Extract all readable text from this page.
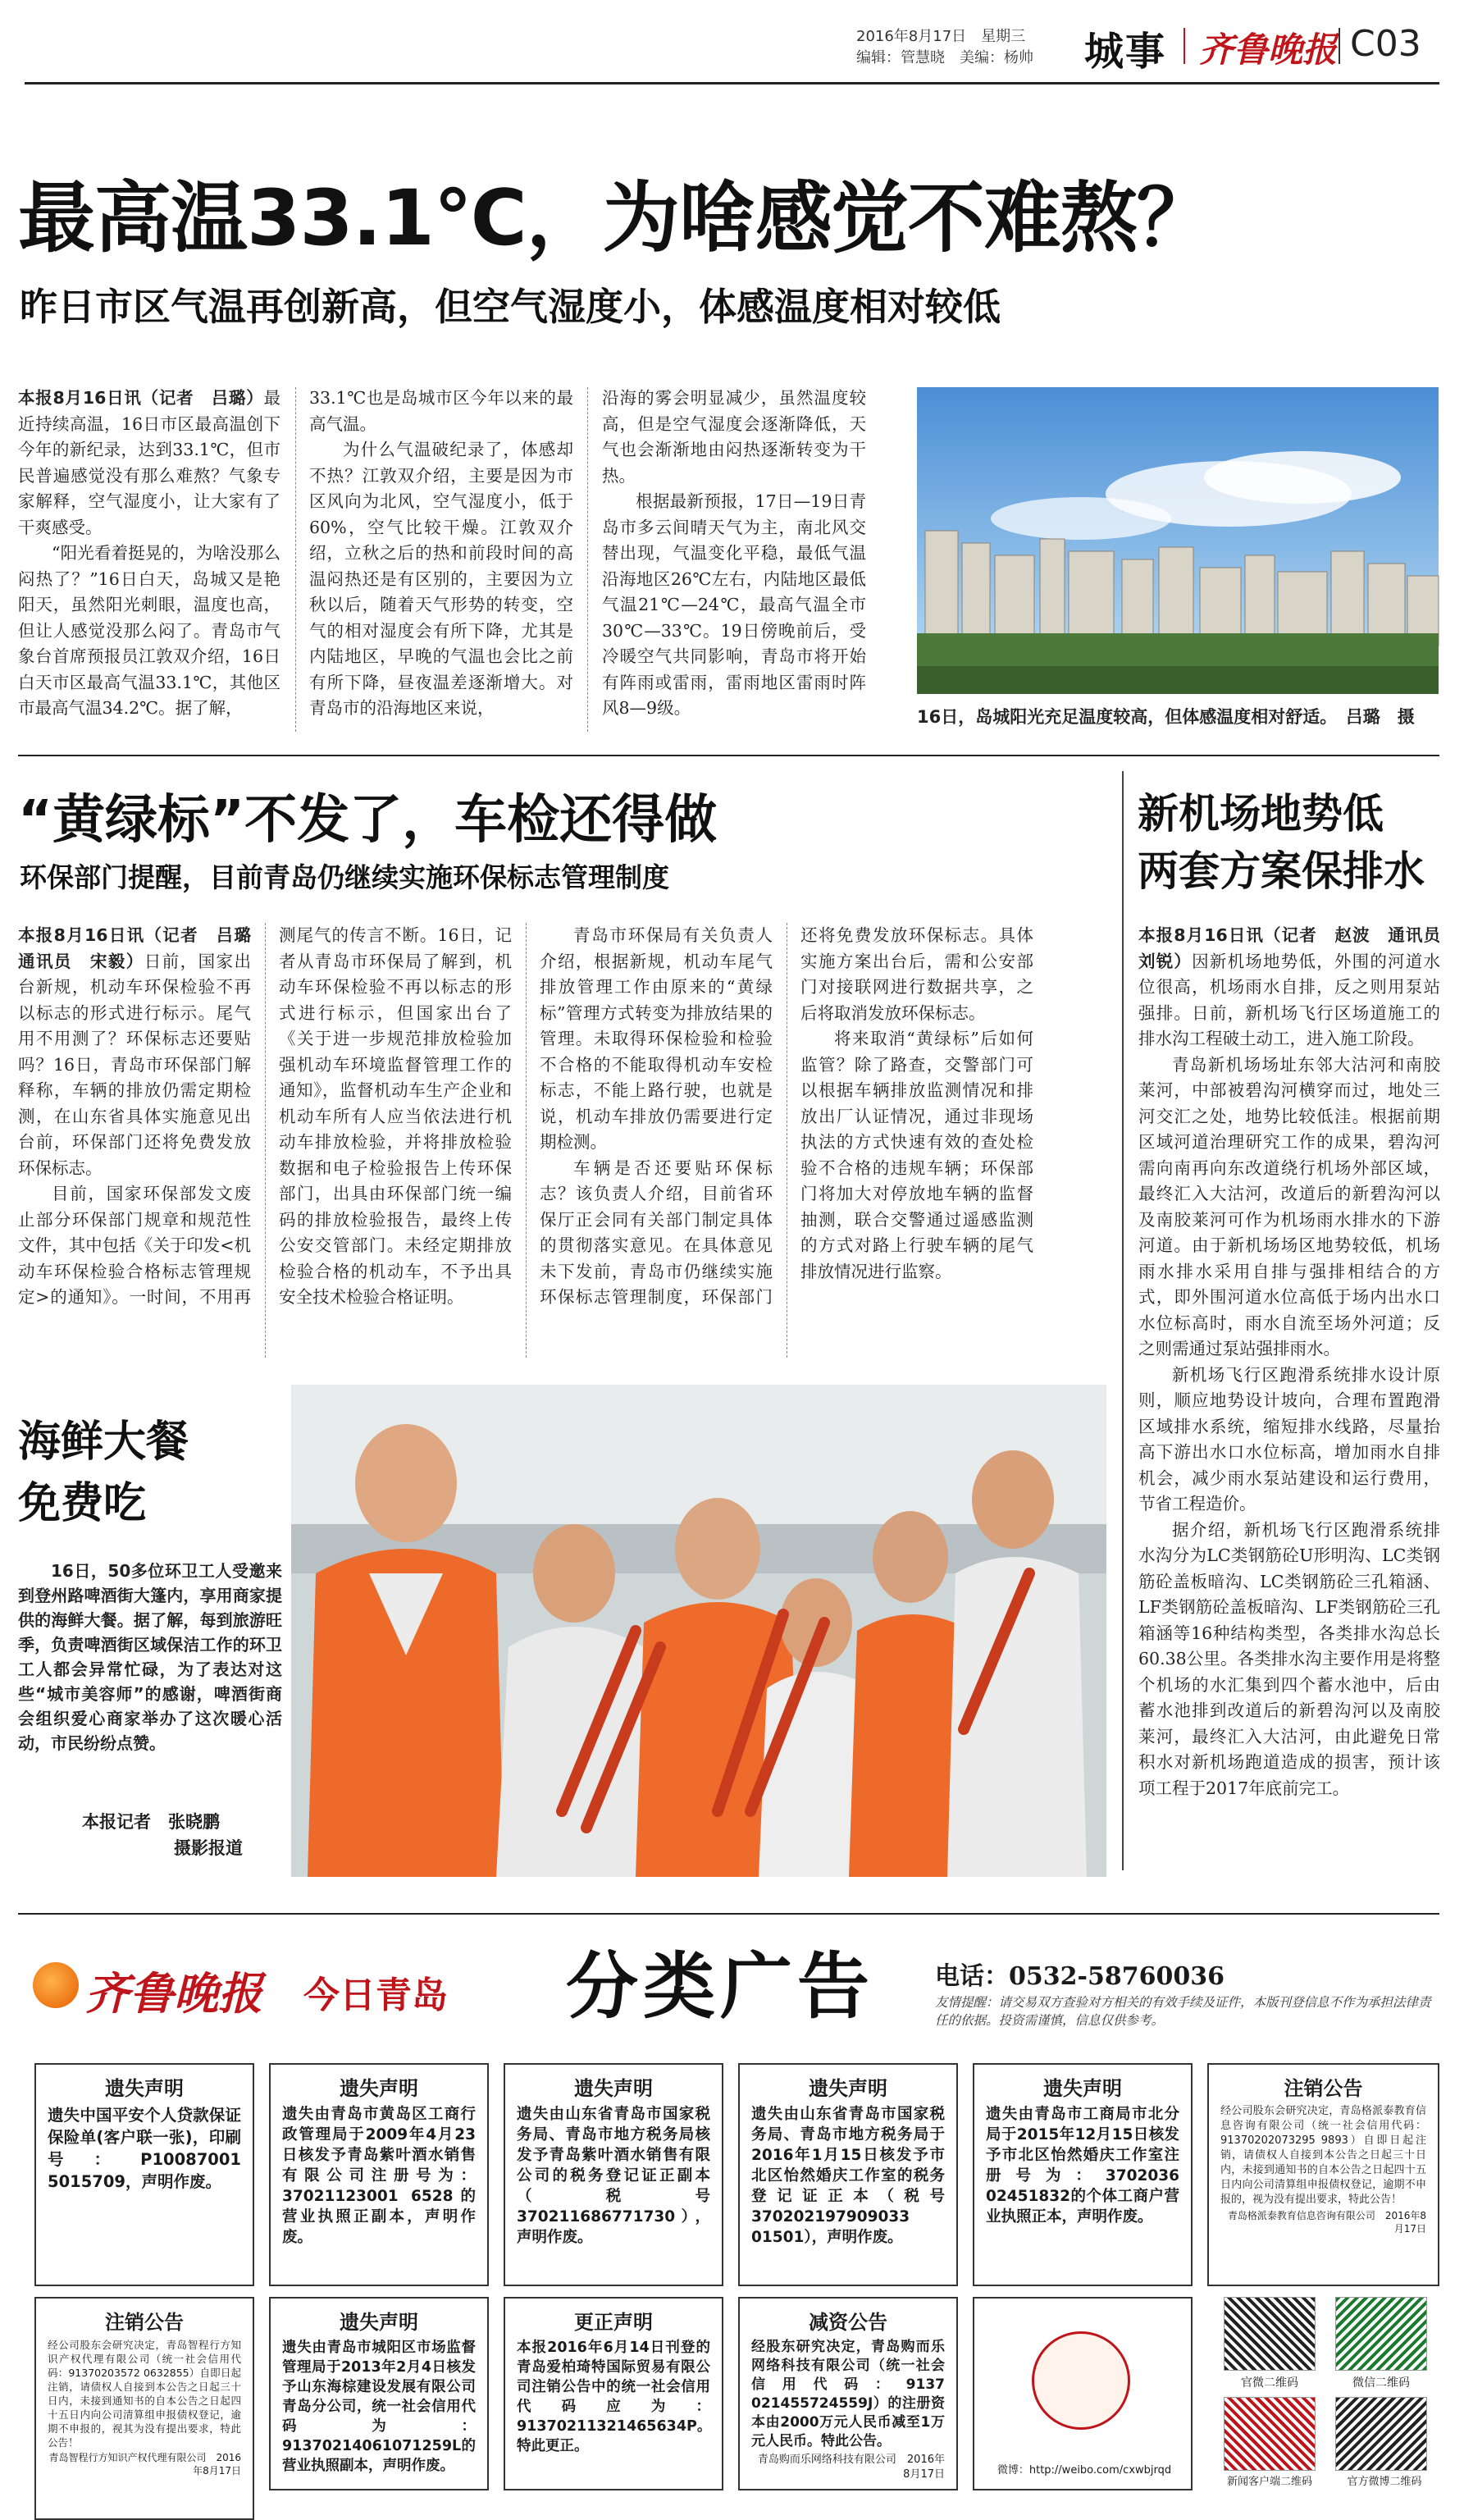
2016年8月17日　星期三
编辑：管慧晓　美编：杨帅 城事 齐鲁晚报 C03
最高温33.1℃，为啥感觉不难熬？
昨日市区气温再创新高，但空气湿度小，体感温度相对较低

本报8月16日讯（记者　吕璐）最近持续高温，16日市区最高温创下今年的新纪录，达到33.1℃，但市民普遍感觉没有那么难熬？气象专家解释，空气湿度小，让大家有了干爽感受。

“阳光看着挺晃的，为啥没那么闷热了？”16日白天，岛城又是艳阳天，虽然阳光刺眼，温度也高，但让人感觉没那么闷了。青岛市气象台首席预报员江敦双介绍，16日白天市区最高气温33.1℃，其他区市最高气温34.2℃。据了解，

33.1℃也是岛城市区今年以来的最高气温。

为什么气温破纪录了，体感却不热？江敦双介绍，主要是因为市区风向为北风，空气湿度小，低于60%，空气比较干燥。江敦双介绍，立秋之后的热和前段时间的高温闷热还是有区别的，主要因为立秋以后，随着天气形势的转变，空气的相对湿度会有所下降，尤其是内陆地区，早晚的气温也会比之前有所下降，昼夜温差逐渐增大。对青岛市的沿海地区来说，

沿海的雾会明显减少，虽然温度较高，但是空气湿度会逐渐降低，天气也会渐渐地由闷热逐渐转变为干热。

根据最新预报，17日—19日青岛市多云间晴天气为主，南北风交替出现，气温变化平稳，最低气温沿海地区26℃左右，内陆地区最低气温21℃—24℃，最高气温全市30℃—33℃。19日傍晚前后，受冷暖空气共同影响，青岛市将开始有阵雨或雷雨，雷雨地区雷雨时阵风8—9级。	16日，岛城阳光充足温度较高，但体感温度相对舒适。　吕璐　摄
“黄绿标”不发了，车检还得做
环保部门提醒，目前青岛仍继续实施环保标志管理制度

本报8月16日讯（记者　吕璐　通讯员　宋毅）日前，国家出台新规，机动车环保检验不再以标志的形式进行标示。尾气用不用测了？环保标志还要贴吗？16日，青岛市环保部门解释称，车辆的排放仍需定期检测，在山东省具体实施意见出台前，环保部门还将免费发放环保标志。

目前，国家环保部发文废止部分环保部门规章和规范性文件，其中包括《关于印发<机动车环保检验合格标志管理规定>的通知》。一时间，不用再测尾气的传言不断。16日，记者从青岛市环保局了解到，机动车环保检验不再以标志的形式进行标示，但国家出台了《关于进一步规范排放检验加强机动车环境监督管理工作的通知》，监督机动车生产企业和机动车所有人应当依法进行机动车排放检验，并将排放检验数据和电子检验报告上传环保部门，出具由环保部门统一编码的排放检验报告，最终上传公安交管部门。未经定期排放检验合格的机动车，不予出具安全技术检验合格证明。

青岛市环保局有关负责人介绍，根据新规，机动车尾气排放管理工作由原来的“黄绿标”管理方式转变为排放结果的管理。未取得环保检验和检验不合格的不能取得机动车安检标志，不能上路行驶，也就是说，机动车排放仍需要进行定期检测。

车辆是否还要贴环保标志？该负责人介绍，目前省环保厅正会同有关部门制定具体的贯彻落实意见。在具体意见未下发前，青岛市仍继续实施环保标志管理制度，环保部门还将免费发放环保标志。具体实施方案出台后，需和公安部门对接联网进行数据共享，之后将取消发放环保标志。

将来取消“黄绿标”后如何监管？除了路查，交警部门可以根据车辆排放监测情况和排放出厂认证情况，通过非现场执法的方式快速有效的查处检验不合格的违规车辆；环保部门将加大对停放地车辆的监督抽测，联合交警通过遥感监测的方式对路上行驶车辆的尾气排放情况进行监察。

新机场地势低
两套方案保排水

本报8月16日讯（记者　赵波　通讯员　刘锐）因新机场地势低，外围的河道水位很高，机场雨水自排，反之则用泵站强排。日前，新机场飞行区场道施工的排水沟工程破土动工，进入施工阶段。

青岛新机场场址东邻大沽河和南胶莱河，中部被碧沟河横穿而过，地处三河交汇之处，地势比较低洼。根据前期区域河道治理研究工作的成果，碧沟河需向南再向东改道绕行机场外部区域，最终汇入大沽河，改道后的新碧沟河以及南胶莱河可作为机场雨水排水的下游河道。由于新机场场区地势较低，机场雨水排水采用自排与强排相结合的方式，即外围河道水位高低于场内出水口水位标高时，雨水自流至场外河道；反之则需通过泵站强排雨水。

新机场飞行区跑滑系统排水设计原则，顺应地势设计坡向，合理布置跑滑区域排水系统，缩短排水线路，尽量抬高下游出水口水位标高，增加雨水自排机会，减少雨水泵站建设和运行费用，节省工程造价。

据介绍，新机场飞行区跑滑系统排水沟分为LC类钢筋砼U形明沟、LC类钢筋砼盖板暗沟、LC类钢筋砼三孔箱涵、LF类钢筋砼盖板暗沟、LF类钢筋砼三孔箱涵等16种结构类型，各类排水沟总长60.38公里。各类排水沟主要作用是将整个机场的水汇集到四个蓄水池中，后由蓄水池排到改道后的新碧沟河以及南胶莱河，最终汇入大沽河，由此避免日常积水对新机场跑道造成的损害，预计该项工程于2017年底前完工。

海鲜大餐
免费吃

16日，50多位环卫工人受邀来到登州路啤酒街大篷内，享用商家提供的海鲜大餐。据了解，每到旅游旺季，负责啤酒街区域保洁工作的环卫工人都会异常忙碌，为了表达对这些“城市美容师”的感谢，啤酒街商会组织爱心商家举办了这次暖心活动，市民纷纷点赞。

本报记者　张晓鹏
摄影报道
齐鲁晚报 今日青岛 分类广告 电话：0532-58760036
友情提醒：请交易双方查验对方相关的有效手续及证件，本版刊登信息不作为承担法律责任的依据。投资需谨慎，信息仅供参考。
遗失声明
遗失中国平安个人贷款保证保险单(客户联一张)，印刷号：P10087001 5015709，声明作废。
遗失声明
遗失由青岛市黄岛区工商行政管理局于2009年4月23日核发予青岛紫叶酒水销售有限公司注册号为：37021123001 6528的营业执照正副本，声明作废。
遗失声明
遗失由山东省青岛市国家税务局、青岛市地方税务局核发予青岛紫叶酒水销售有限公司的税务登记证正副本（税号370211686771730），声明作废。
遗失声明
遗失由山东省青岛市国家税务局、青岛市地方税务局于2016年1月15日核发予市北区怡然婚庆工作室的税务登记证正本（税号370202197909033 01501），声明作废。
遗失声明
遗失由青岛市工商局市北分局于2015年12月15日核发予市北区怡然婚庆工作室注册号为：3702036 02451832的个体工商户营业执照正本，声明作废。
注销公告
经公司股东会研究决定，青岛格派泰教育信息咨询有限公司（统一社会信用代码：91370202073295 9893）自即日起注销，请债权人自接到本公告之日起三十日内，未接到通知书的自本公告之日起四十五日内向公司清算组申报债权登记，逾期不申报的，视为没有提出要求，特此公告！
青岛格派泰教育信息咨询有限公司　2016年8月17日
注销公告
经公司股东会研究决定，青岛智程行方知识产权代理有限公司（统一社会信用代码：91370203572 0632855）自即日起注销，请债权人自接到本公告之日起三十日内，未接到通知书的自本公告之日起四十五日内向公司清算组申报债权登记，逾期不申报的，视其为没有提出要求，特此公告！
青岛智程行方知识产权代理有限公司　2016年8月17日
遗失声明
遗失由青岛市城阳区市场监督管理局于2013年2月4日核发予山东海棕建设发展有限公司青岛分公司，统一社会信用代码为：91370214061071259L的营业执照副本，声明作废。
更正声明
本报2016年6月14日刊登的青岛爱柏琦特国际贸易有限公司注销公告中的统一社会信用代码应为：91370211321465634P。特此更正。
减资公告
经股东研究决定，青岛购而乐网络科技有限公司（统一社会信用代码：9137 021455724559J）的注册资本由2000万元人民币减至1万元人民币。特此公告。
青岛购而乐网络科技有限公司　2016年8月17日	微博：http://weibo.com/cxwbjrqd
官微二维码	微信二维码
新闻客户端二维码	官方微博二维码
